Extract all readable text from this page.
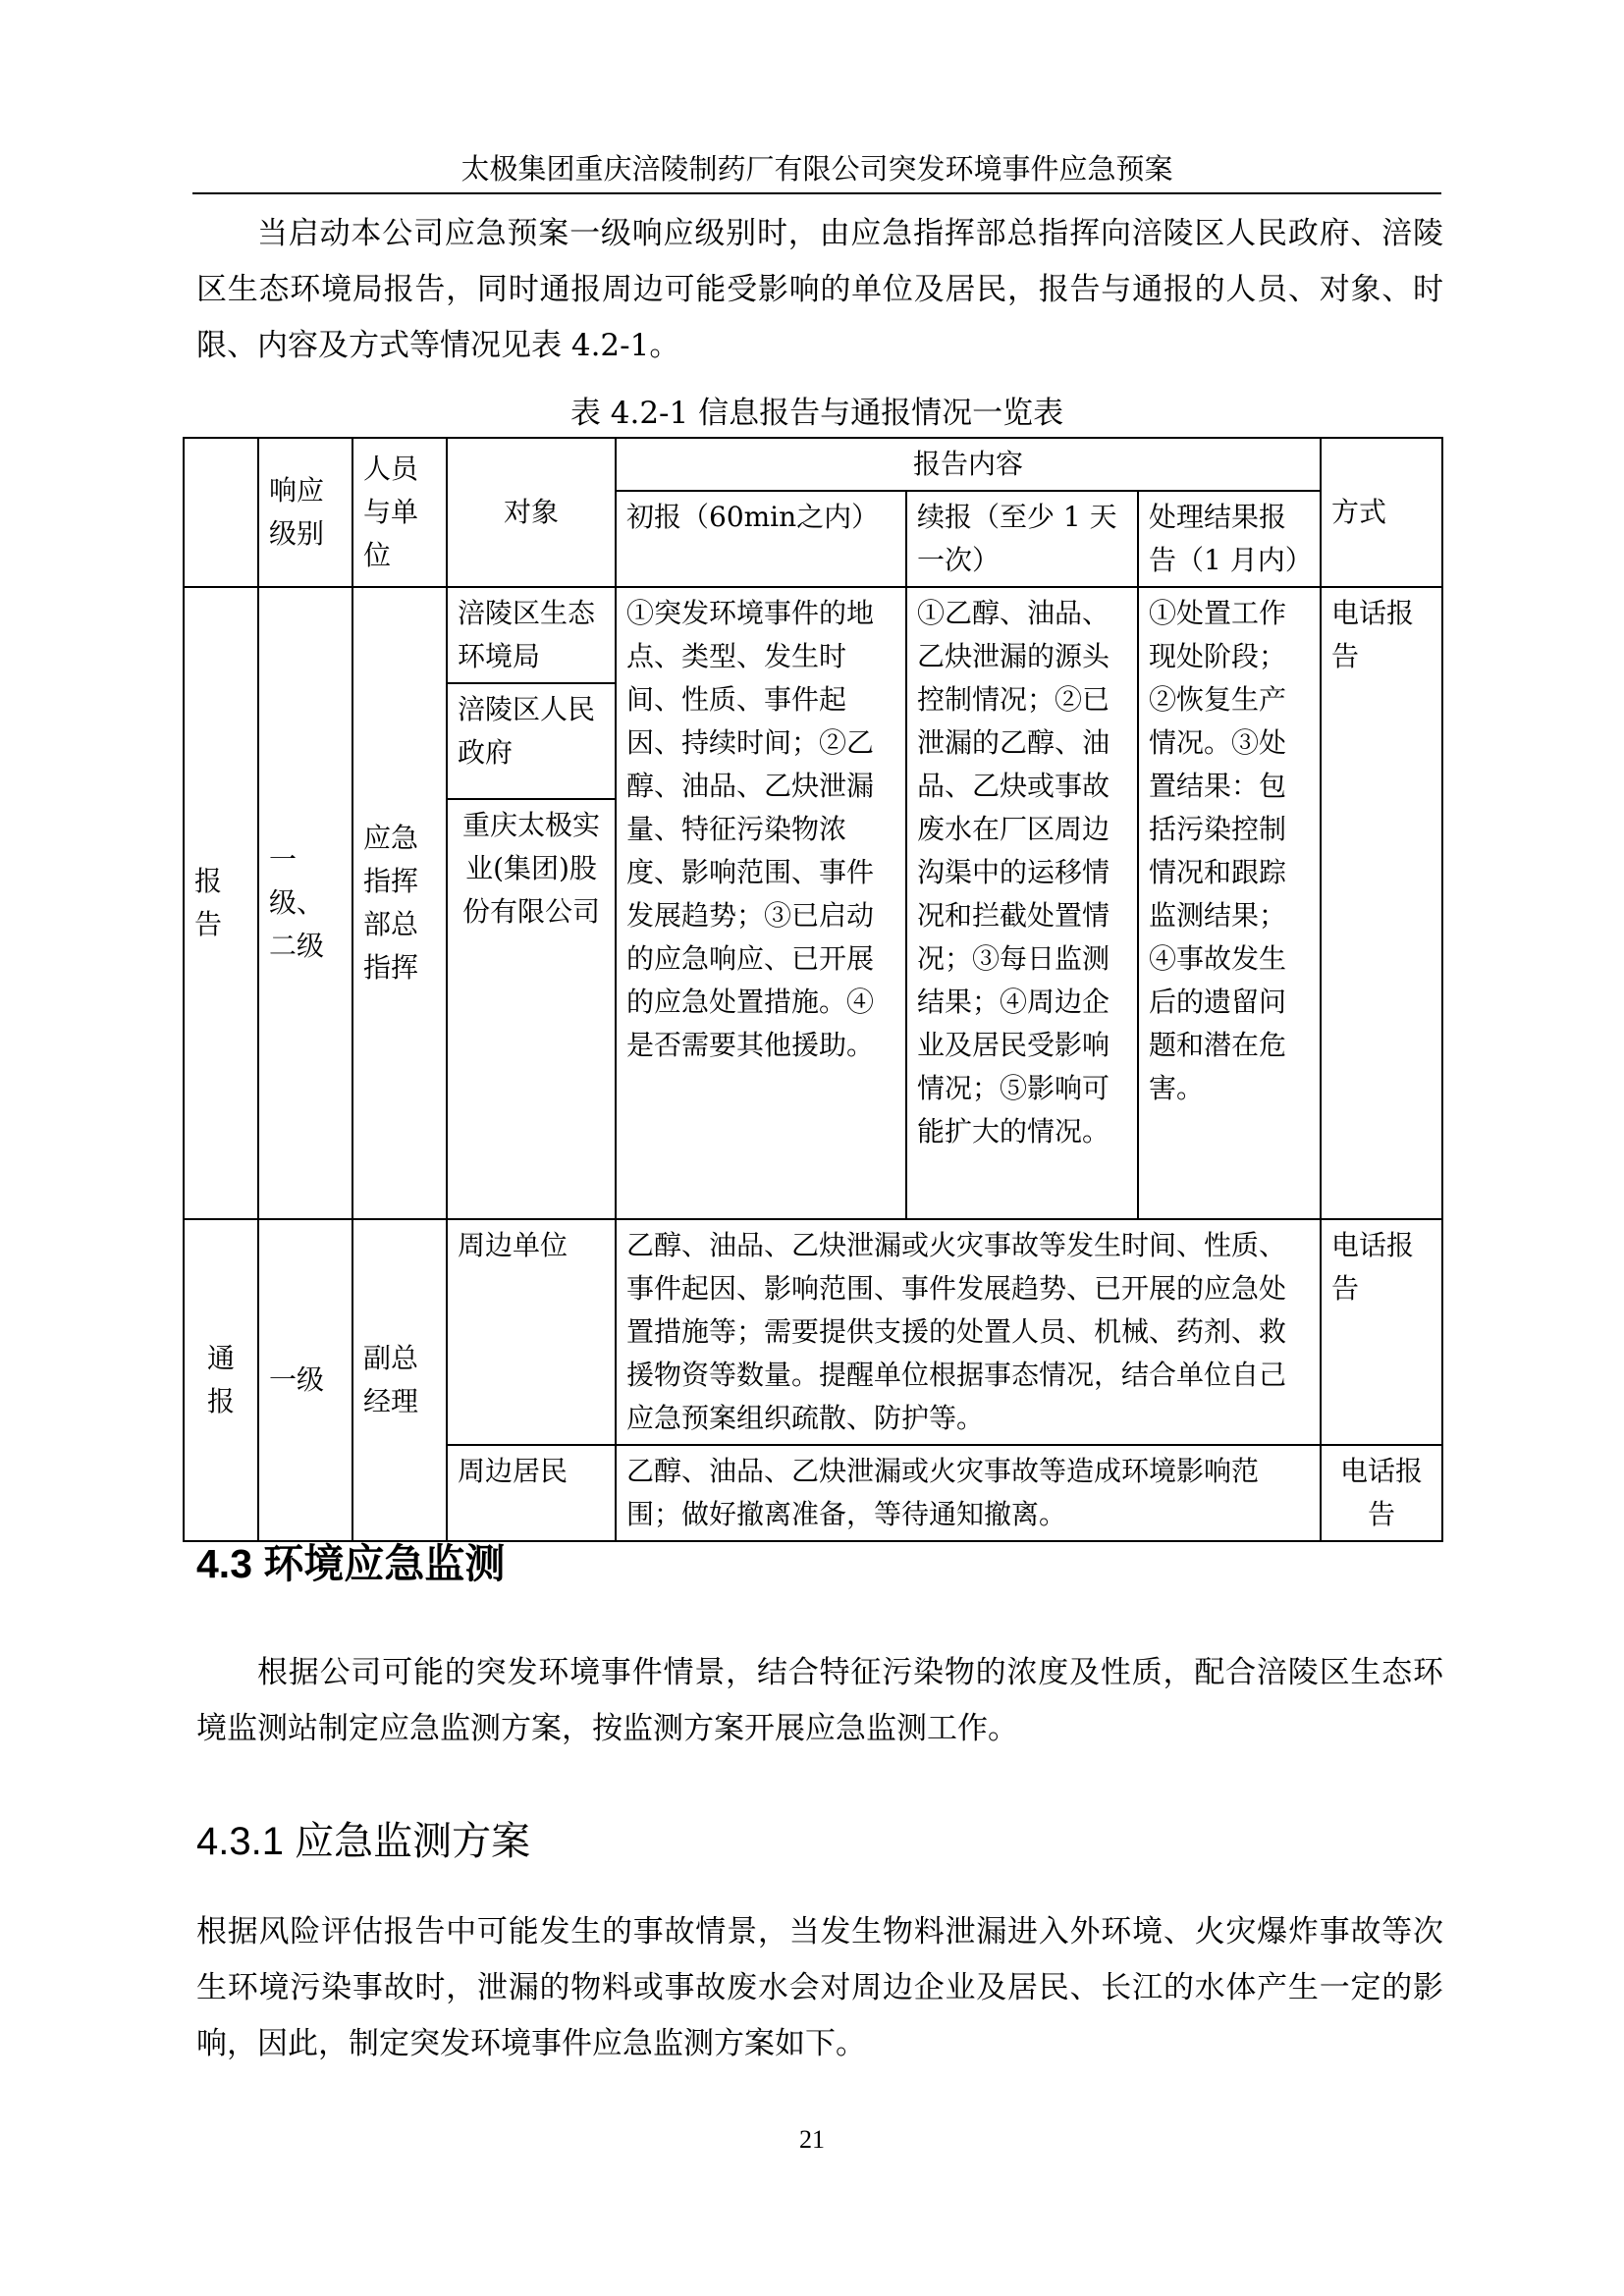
太极集团重庆涪陵制药厂有限公司突发环境事件应急预案
当启动本公司应急预案一级响应级别时，由应急指挥部总指挥向涪陵区人民政府、涪陵区生态环境局报告，同时通报周边可能受影响的单位及居民，报告与通报的人员、对象、时限、内容及方式等情况见表 4.2-1。
表 4.2-1 信息报告与通报情况一览表
	响应级别	人员与单位	对象	报告内容			方式
				初报（60min之内）	续报（至少 1 天一次）	处理结果报告（1 月内）	
报告	一级、二级	应急指挥部总指挥	涪陵区生态环境局	①突发环境事件的地点、类型、发生时间、性质、事件起因、持续时间；②乙醇、油品、乙炔泄漏量、特征污染物浓度、影响范围、事件发展趋势；③已启动的应急响应、已开展的应急处置措施。④是否需要其他援助。	①乙醇、油品、乙炔泄漏的源头控制情况；②已泄漏的乙醇、油品、乙炔或事故废水在厂区周边沟渠中的运移情况和拦截处置情况；③每日监测结果；④周边企业及居民受影响情况；⑤影响可能扩大的情况。	①处置工作现处阶段；②恢复生产情况。③处置结果：包括污染控制情况和跟踪监测结果；④事故发生后的遗留问题和潜在危害。	电话报告
			涪陵区人民政府				
			重庆太极实业(集团)股份有限公司				
通报	一级	副总经理	周边单位	乙醇、油品、乙炔泄漏或火灾事故等发生时间、性质、事件起因、影响范围、事件发展趋势、已开展的应急处置措施等；需要提供支援的处置人员、机械、药剂、救援物资等数量。提醒单位根据事态情况，结合单位自己应急预案组织疏散、防护等。			电话报告
			周边居民	乙醇、油品、乙炔泄漏或火灾事故等造成环境影响范围；做好撤离准备，等待通知撤离。			电话报告
4.3 环境应急监测
根据公司可能的突发环境事件情景，结合特征污染物的浓度及性质，配合涪陵区生态环境监测站制定应急监测方案，按监测方案开展应急监测工作。
4.3.1 应急监测方案
根据风险评估报告中可能发生的事故情景，当发生物料泄漏进入外环境、火灾爆炸事故等次生环境污染事故时，泄漏的物料或事故废水会对周边企业及居民、长江的水体产生一定的影响，因此，制定突发环境事件应急监测方案如下。
21
